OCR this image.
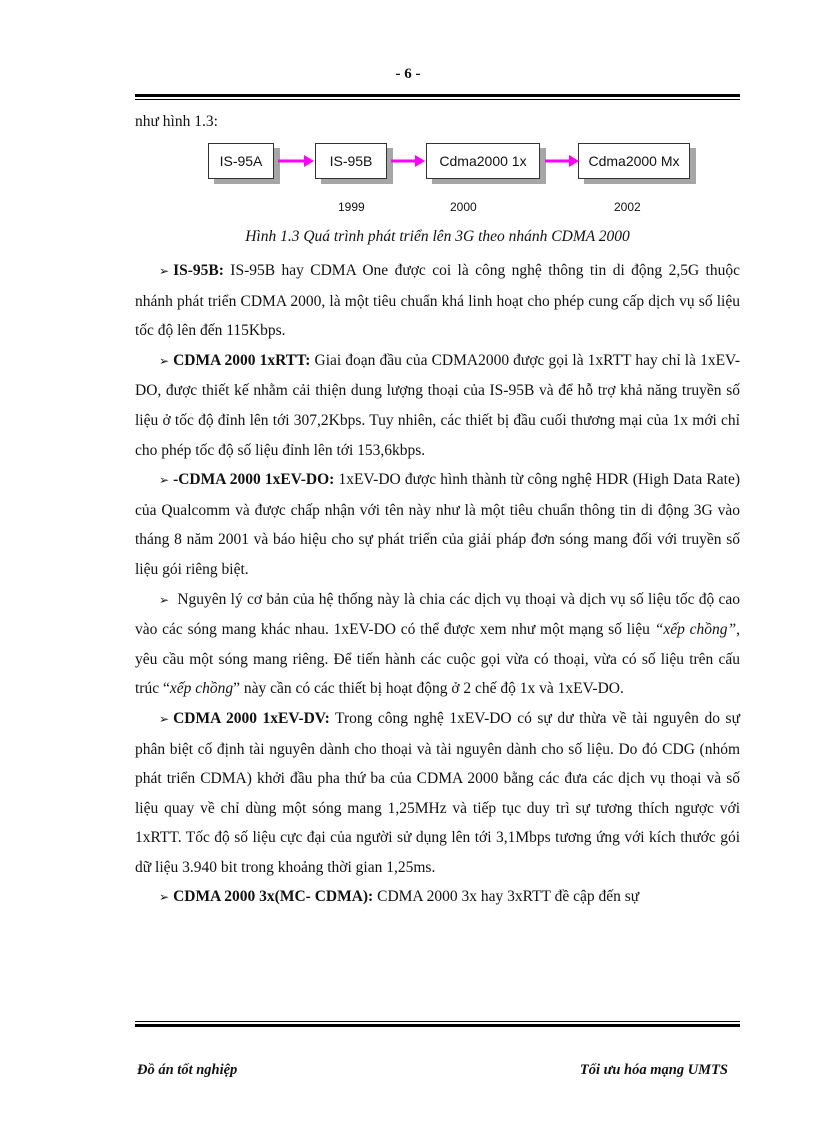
- 6 -
như hình 1.3:
IS-95A	IS-95B	Cdma2000 1x	Cdma2000 Mx
1999	2000	2002
Hình 1.3 Quá trình phát triển lên 3G theo nhánh CDMA 2000

➢ IS-95B: IS-95B hay CDMA One được coi là công nghệ thông tin di động 2,5G thuộc nhánh phát triển CDMA 2000, là một tiêu chuẩn khá linh hoạt cho phép cung cấp dịch vụ số liệu tốc độ lên đến 115Kbps.

➢ CDMA 2000 1xRTT: Giai đoạn đầu của CDMA2000 được gọi là 1xRTT hay chỉ là 1xEV-DO, được thiết kế nhằm cải thiện dung lượng thoại của IS-95B và để hỗ trợ khả năng truyền số liệu ở tốc độ đỉnh lên tới 307,2Kbps. Tuy nhiên, các thiết bị đầu cuối thương mại của 1x mới chỉ cho phép tốc độ số liệu đỉnh lên tới 153,6kbps.

➢ -CDMA 2000 1xEV-DO: 1xEV-DO được hình thành từ công nghệ HDR (High Data Rate) của Qualcomm và được chấp nhận với tên này như là một tiêu chuẩn thông tin di động 3G vào tháng 8 năm 2001 và báo hiệu cho sự phát triển của giải pháp đơn sóng mang đối với truyền số liệu gói riêng biệt.

➢ Nguyên lý cơ bản của hệ thống này là chia các dịch vụ thoại và dịch vụ số liệu tốc độ cao vào các sóng mang khác nhau. 1xEV-DO có thể được xem như một mạng số liệu “xếp chồng”, yêu cầu một sóng mang riêng. Để tiến hành các cuộc gọi vừa có thoại, vừa có số liệu trên cấu trúc “xếp chồng” này cần có các thiết bị hoạt động ở 2 chế độ 1x và 1xEV-DO.

➢ CDMA 2000 1xEV-DV: Trong công nghệ 1xEV-DO có sự dư thừa về tài nguyên do sự phân biệt cố định tài nguyên dành cho thoại và tài nguyên dành cho số liệu. Do đó CDG (nhóm phát triển CDMA) khởi đầu pha thứ ba của CDMA 2000 bằng các đưa các dịch vụ thoại và số liệu quay về chỉ dùng một sóng mang 1,25MHz và tiếp tục duy trì sự tương thích ngược với 1xRTT. Tốc độ số liệu cực đại của người sử dụng lên tới 3,1Mbps tương ứng với kích thước gói dữ liệu 3.940 bit trong khoảng thời gian 1,25ms.

➢ CDMA 2000 3x(MC- CDMA): CDMA 2000 3x hay 3xRTT đề cập đến sự

Đồ án tốt nghiệp	Tối ưu hóa mạng UMTS
